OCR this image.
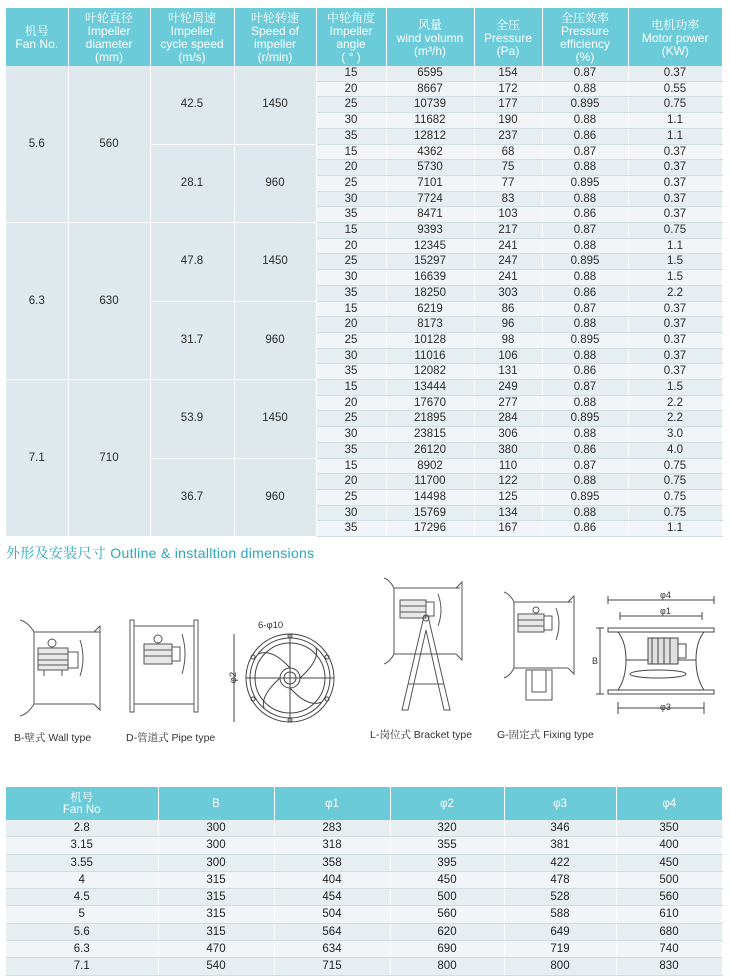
机号
Fan No.	叶轮直径
Impeller
diameter
(mm)	叶轮周速
Impeller
cycle speed
(m/s)	叶轮转速
Speed of
impeller
(r/min)	中轮角度
Impeller
angle
( ° )	风量
wind volumn
(m³/h)	全压
Pressure
(Pa)	全压效率
Pressure
efficiency
(%)	电机功率
Motor power
(KW)

5.6	560	42.5	1450	15	6595	154	0.87	0.37
				20	8667	172	0.88	0.55
				25	10739	177	0.895	0.75
				30	11682	190	0.88	1.1
				35	12812	237	0.86	1.1
		28.1	960	15	4362	68	0.87	0.37
				20	5730	75	0.88	0.37
				25	7101	77	0.895	0.37
				30	7724	83	0.88	0.37
				35	8471	103	0.86	0.37
6.3	630	47.8	1450	15	9393	217	0.87	0.75
				20	12345	241	0.88	1.1
				25	15297	247	0.895	1.5
				30	16639	241	0.88	1.5
				35	18250	303	0.86	2.2
		31.7	960	15	6219	86	0.87	0.37
				20	8173	96	0.88	0.37
				25	10128	98	0.895	0.37
				30	11016	106	0.88	0.37
				35	12082	131	0.86	0.37
7.1	710	53.9	1450	15	13444	249	0.87	1.5
				20	17670	277	0.88	2.2
				25	21895	284	0.895	2.2
				30	23815	306	0.88	3.0
				35	26120	380	0.86	4.0
		36.7	960	15	8902	110	0.87	0.75
				20	11700	122	0.88	0.75
				25	14498	125	0.895	0.75
				30	15769	134	0.88	0.75
				35	17296	167	0.86	1.1
外形及安装尺寸 Outline & installtion dimensions
B-壁式 Wall type	D-管道式 Pipe type
6-φ10
φ2
L-岗位式 Bracket type G-固定式 Fixing type
φ4
φ1
B
φ3
机号
Fan No	B	φ1	φ2	φ3	φ4
2.8	300	283	320	346	350
3.15	300	318	355	381	400
3.55	300	358	395	422	450
4	315	404	450	478	500
4.5	315	454	500	528	560
5	315	504	560	588	610
5.6	315	564	620	649	680
6.3	470	634	690	719	740
7.1	540	715	800	800	830
